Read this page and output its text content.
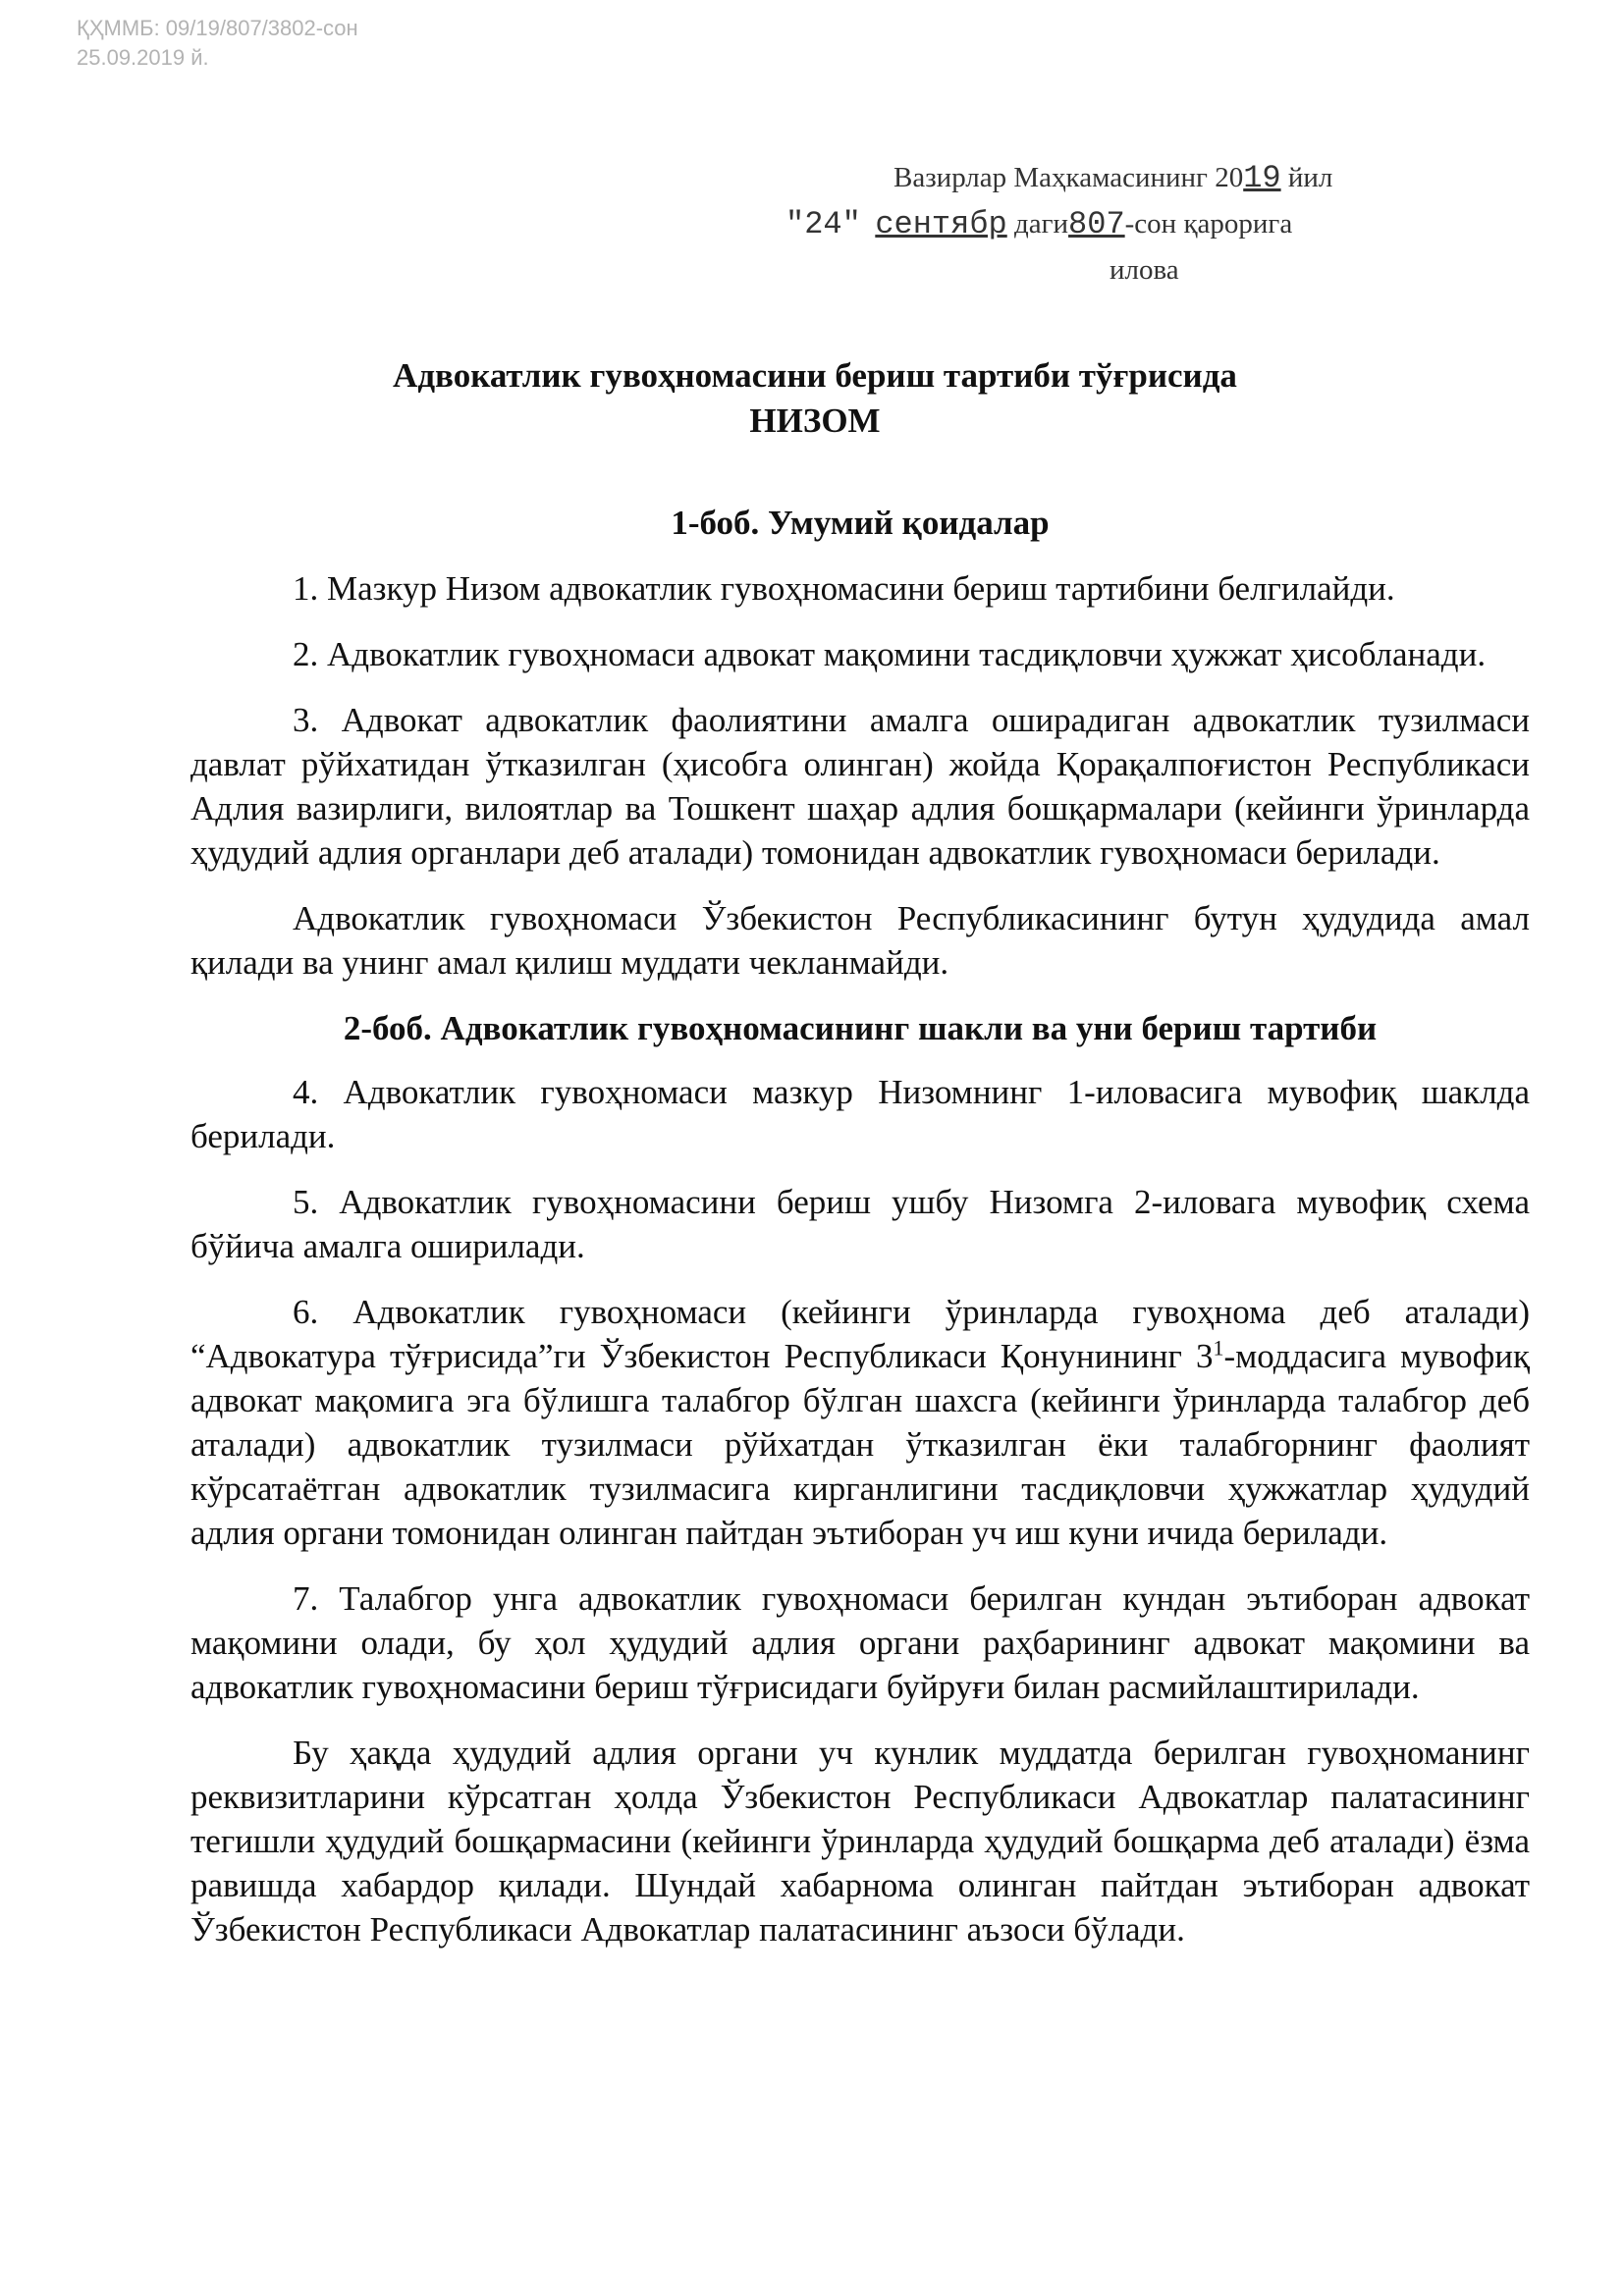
ҚҲММБ: 09/19/807/3802-сон
25.09.2019 й.
Вазирлар Маҳкамасининг 2019 йил
"24" сентябр даги807-сон қарорига
илова
Адвокатлик гувоҳномасини бериш тартиби тўғрисида
НИЗОМ
1-боб. Умумий қоидалар

1. Мазкур Низом адвокатлик гувоҳномасини бериш тартибини белгилайди.

2. Адвокатлик гувоҳномаси адвокат мақомини тасдиқловчи ҳужжат ҳисобланади.

3. Адвокат адвокатлик фаолиятини амалга оширадиган адвокатлик тузилмаси давлат рўйхатидан ўтказилган (ҳисобга олинган) жойда Қорақалпоғистон Республикаси Адлия вазирлиги, вилоятлар ва Тошкент шаҳар адлия бошқармалари (кейинги ўринларда ҳудудий адлия органлари деб аталади) томонидан адвокатлик гувоҳномаси берилади.

Адвокатлик гувоҳномаси Ўзбекистон Республикасининг бутун ҳудудида амал қилади ва унинг амал қилиш муддати чекланмайди.

2-боб. Адвокатлик гувоҳномасининг шакли ва уни бериш тартиби

4. Адвокатлик гувоҳномаси мазкур Низомнинг 1-иловасига мувофиқ шаклда берилади.

5. Адвокатлик гувоҳномасини бериш ушбу Низомга 2-иловага мувофиқ схема бўйича амалга оширилади.

6. Адвокатлик гувоҳномаси (кейинги ўринларда гувоҳнома деб аталади) “Адвокатура тўғрисида”ги Ўзбекистон Республикаси Қонунининг $3^1$-моддасига мувофиқ адвокат мақомига эга бўлишга талабгор бўлган шахсга (кейинги ўринларда талабгор деб аталади) адвокатлик тузилмаси рўйхатдан ўтказилган ёки талабгорнинг фаолият кўрсатаётган адвокатлик тузилмасига кирганлигини тасдиқловчи ҳужжатлар ҳудудий адлия органи томонидан олинган пайтдан эътиборан уч иш куни ичида берилади.

7. Талабгор унга адвокатлик гувоҳномаси берилган кундан эътиборан адвокат мақомини олади, бу ҳол ҳудудий адлия органи раҳбарининг адвокат мақомини ва адвокатлик гувоҳномасини бериш тўғрисидаги буйруғи билан расмийлаштирилади.

Бу ҳақда ҳудудий адлия органи уч кунлик муддатда берилган гувоҳноманинг реквизитларини кўрсатган ҳолда Ўзбекистон Республикаси Адвокатлар палатасининг тегишли ҳудудий бошқармасини (кейинги ўринларда ҳудудий бошқарма деб аталади) ёзма равишда хабардор қилади. Шундай хабарнома олинган пайтдан эътиборан адвокат Ўзбекистон Республикаси Адвокатлар палатасининг аъзоси бўлади.
